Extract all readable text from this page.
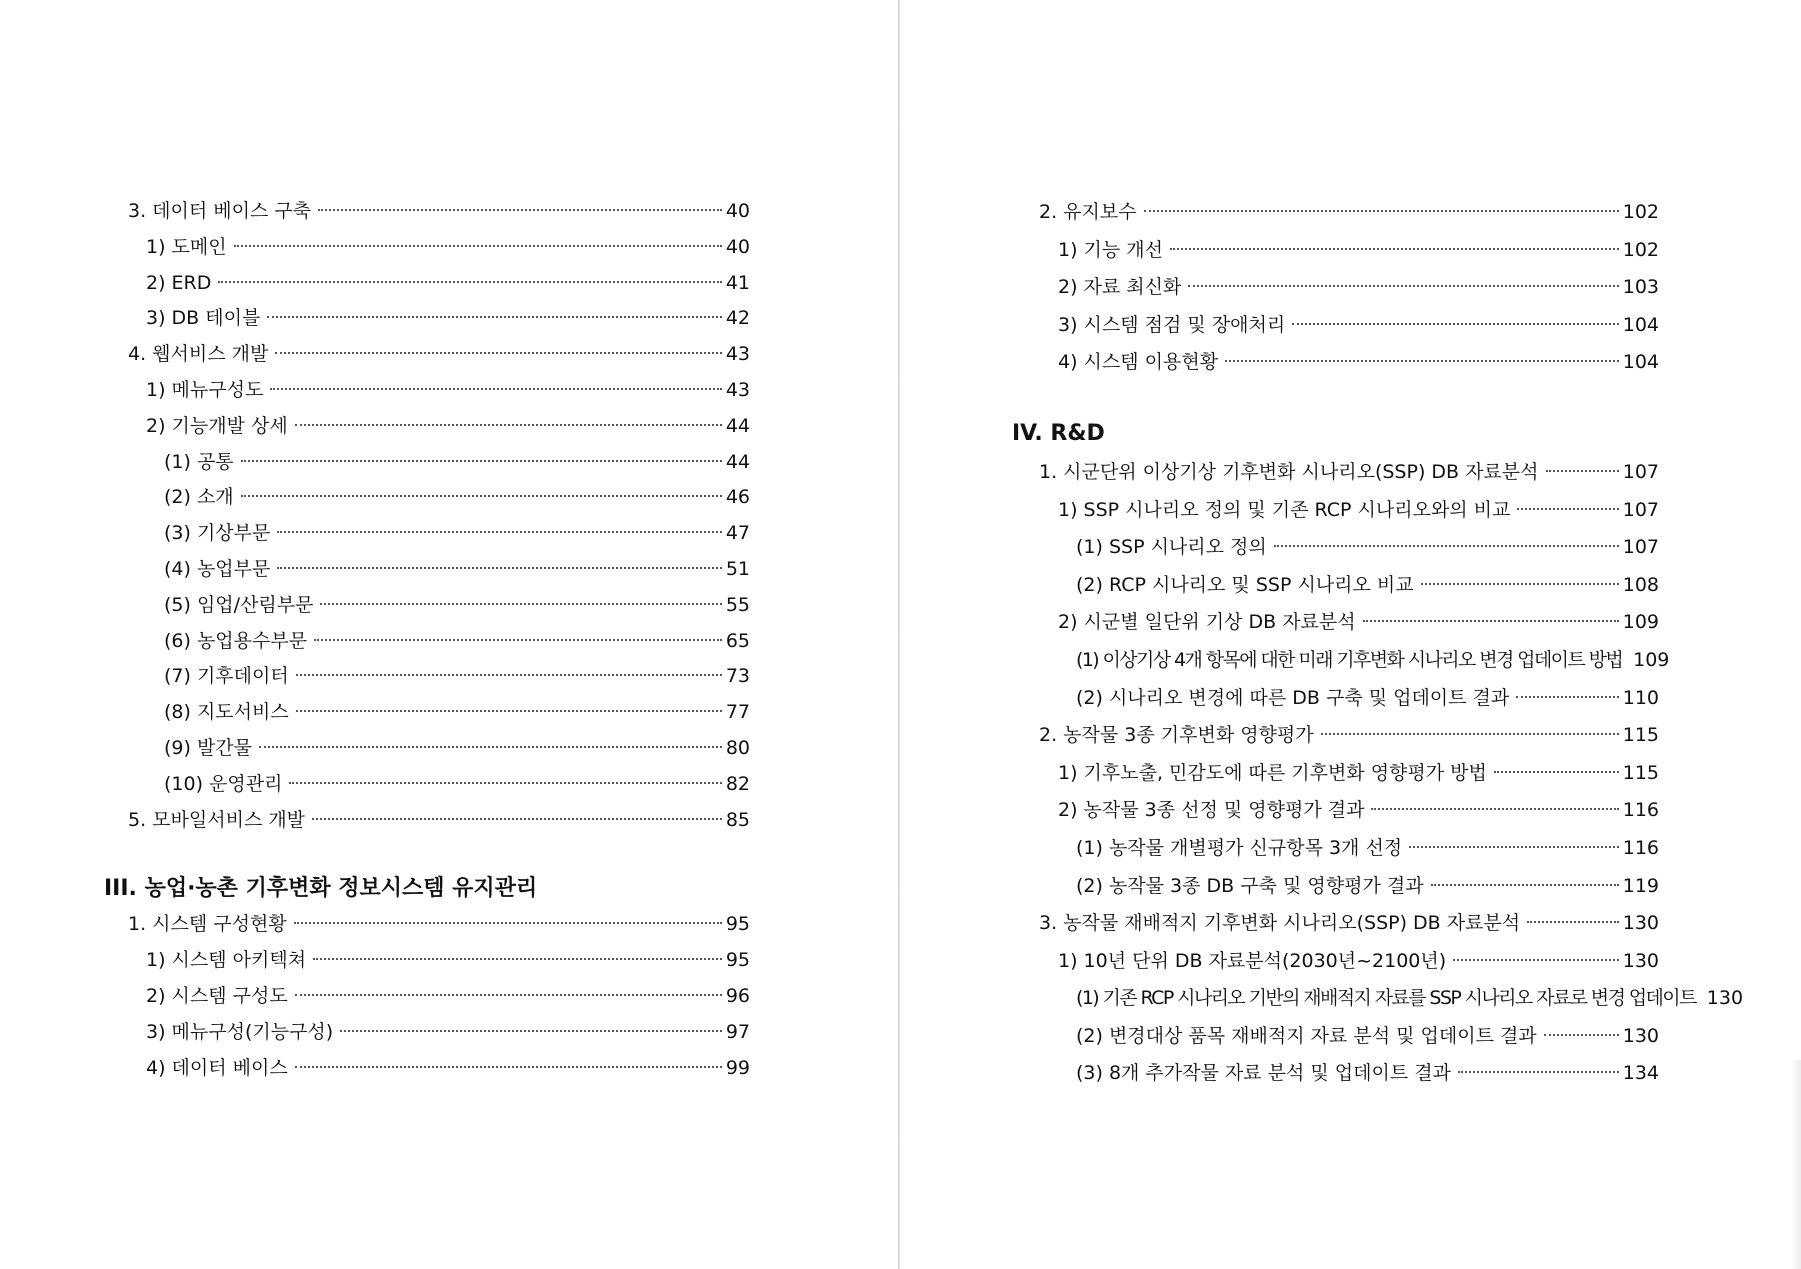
3. 데이터 베이스 구축	40
1) 도메인	40
2) ERD	41
3) DB 테이블	42
4. 웹서비스 개발	43
1) 메뉴구성도	43
2) 기능개발 상세	44
(1) 공통	44
(2) 소개	46
(3) 기상부문	47
(4) 농업부문	51
(5) 임업/산림부문	55
(6) 농업용수부문	65
(7) 기후데이터	73
(8) 지도서비스	77
(9) 발간물	80
(10) 운영관리	82
5. 모바일서비스 개발	85
III. 농업·농촌 기후변화 정보시스템 유지관리
1. 시스템 구성현황	95
1) 시스템 아키텍쳐	95
2) 시스템 구성도	96
3) 메뉴구성(기능구성)	97
4) 데이터 베이스	99
2. 유지보수	102
1) 기능 개선	102
2) 자료 최신화	103
3) 시스템 점검 및 장애처리	104
4) 시스템 이용현황	104
IV. R&D
1. 시군단위 이상기상 기후변화 시나리오(SSP) DB 자료분석	107
1) SSP 시나리오 정의 및 기존 RCP 시나리오와의 비교	107
(1) SSP 시나리오 정의	107
(2) RCP 시나리오 및 SSP 시나리오 비교	108
2) 시군별 일단위 기상 DB 자료분석	109
(1) 이상기상 4개 항목에 대한 미래 기후변화 시나리오 변경 업데이트 방법 109
(2) 시나리오 변경에 따른 DB 구축 및 업데이트 결과	110
2. 농작물 3종 기후변화 영향평가	115
1) 기후노출, 민감도에 따른 기후변화 영향평가 방법	115
2) 농작물 3종 선정 및 영향평가 결과	116
(1) 농작물 개별평가 신규항목 3개 선정	116
(2) 농작물 3종 DB 구축 및 영향평가 결과	119
3. 농작물 재배적지 기후변화 시나리오(SSP) DB 자료분석	130
1) 10년 단위 DB 자료분석(2030년~2100년)	130
(1) 기존 RCP 시나리오 기반의 재배적지 자료를 SSP 시나리오 자료로 변경 업데이트 130
(2) 변경대상 품목 재배적지 자료 분석 및 업데이트 결과	130
(3) 8개 추가작물 자료 분석 및 업데이트 결과	134
